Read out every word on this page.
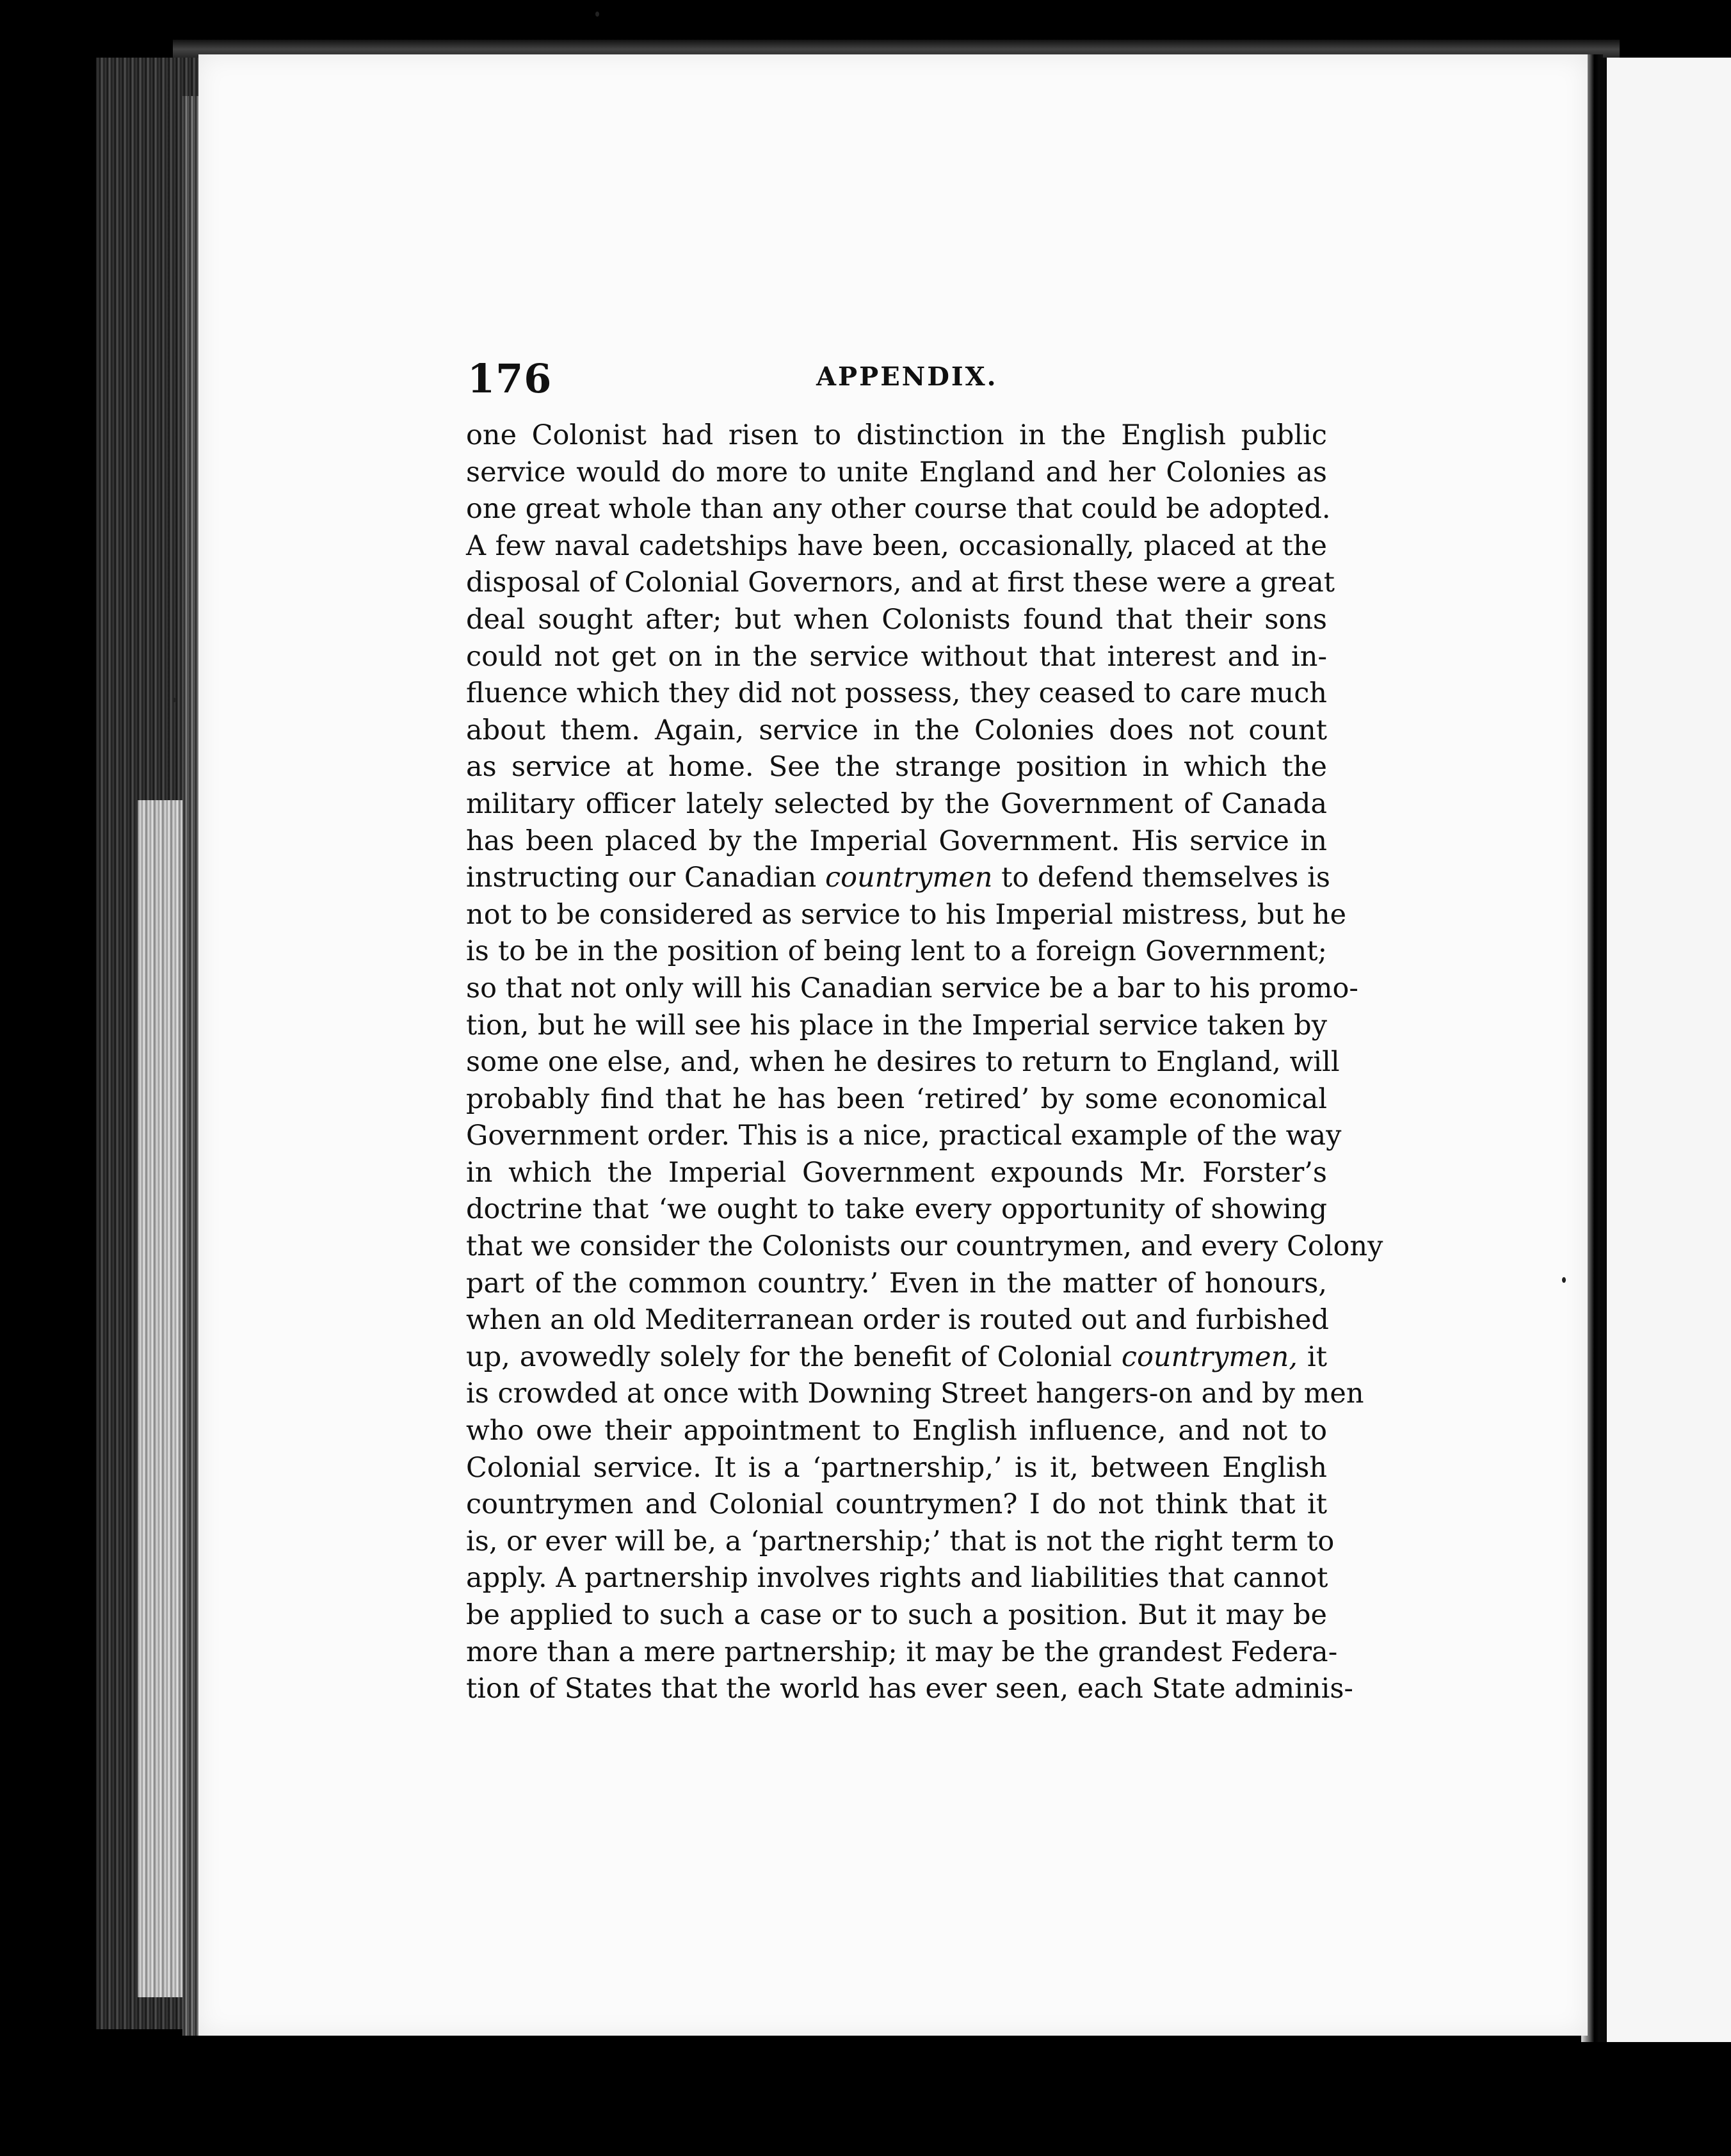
176	APPENDIX.
one Colonist had risen to distinction in the English public
service would do more to unite England and her Colonies as
one great whole than any other course that could be adopted.
A few naval cadetships have been, occasionally, placed at the
disposal of Colonial Governors, and at first these were a great
deal sought after; but when Colonists found that their sons
could not get on in the service without that interest and in-
fluence which they did not possess, they ceased to care much
about them. Again, service in the Colonies does not count
as service at home. See the strange position in which the
military officer lately selected by the Government of Canada
has been placed by the Imperial Government. His service in
instructing our Canadian countrymen to defend themselves is
not to be considered as service to his Imperial mistress, but he
is to be in the position of being lent to a foreign Government;
so that not only will his Canadian service be a bar to his promo-
tion, but he will see his place in the Imperial service taken by
some one else, and, when he desires to return to England, will
probably find that he has been ‘retired’ by some economical
Government order. This is a nice, practical example of the way
in which the Imperial Government expounds Mr. Forster’s
doctrine that ‘we ought to take every opportunity of showing
that we consider the Colonists our countrymen, and every Colony
part of the common country.’ Even in the matter of honours,
when an old Mediterranean order is routed out and furbished
up, avowedly solely for the benefit of Colonial countrymen, it
is crowded at once with Downing Street hangers-on and by men
who owe their appointment to English influence, and not to
Colonial service. It is a ‘partnership,’ is it, between English
countrymen and Colonial countrymen? I do not think that it
is, or ever will be, a ‘partnership;’ that is not the right term to
apply. A partnership involves rights and liabilities that cannot
be applied to such a case or to such a position. But it may be
more than a mere partnership; it may be the grandest Federa-
tion of States that the world has ever seen, each State adminis-
